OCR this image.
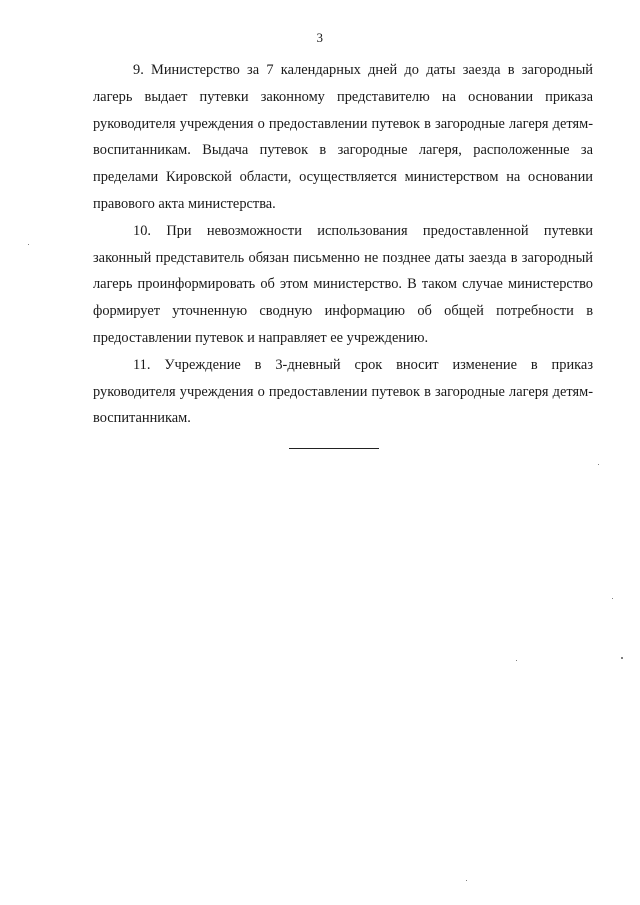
3

9. Министерство за 7 календарных дней до даты заезда в загородный лагерь выдает путевки законному представителю на основании приказа руководителя учреждения о предоставлении путевок в загородные лагеря детям-воспитанникам. Выдача путевок в загородные лагеря, расположенные за пределами Кировской области, осуществляется министерством на основании правового акта министерства.

10. При невозможности использования предоставленной путевки законный представитель обязан письменно не позднее даты заезда в загородный лагерь проинформировать об этом министерство. В таком случае министерство формирует уточненную сводную информацию об общей потребности в предоставлении путевок и направляет ее учреждению.

11. Учреждение в 3-дневный срок вносит изменение в приказ руководителя учреждения о предоставлении путевок в загородные лагеря детям-воспитанникам.
